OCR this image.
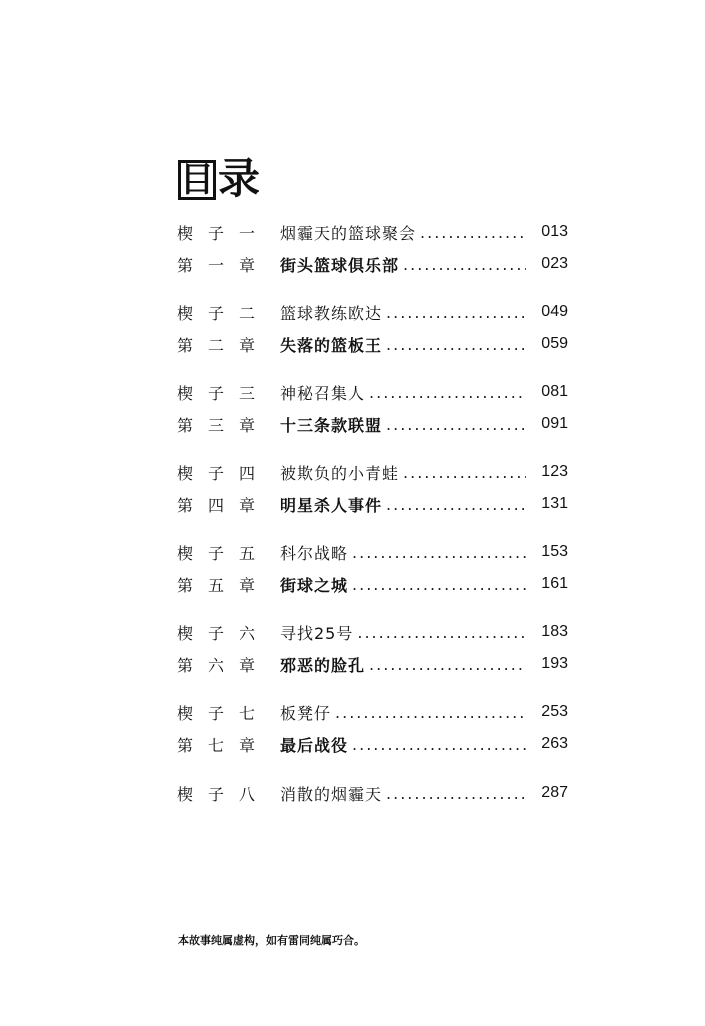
目 录
楔 子 一 烟霾天的篮球聚会 .....	013
第 一 章 街头篮球俱乐部 .....	023
楔 子 二 篮球教练欧达 .....	049
第 二 章 失落的篮板王 .....	059
楔 子 三 神秘召集人 .....	081
第 三 章 十三条款联盟 .....	091
楔 子 四 被欺负的小青蛙 .....	123
第 四 章 明星杀人事件 .....	131
楔 子 五 科尔战略 .....	153
第 五 章 街球之城 .....	161
楔 子 六 寻找25号 .....	183
第 六 章 邪恶的脸孔 .....	193
楔 子 七 板凳仔 .....	253
第 七 章 最后战役 .....	263
楔 子 八 消散的烟霾天 .....	287
本故事纯属虚构，如有雷同纯属巧合。
